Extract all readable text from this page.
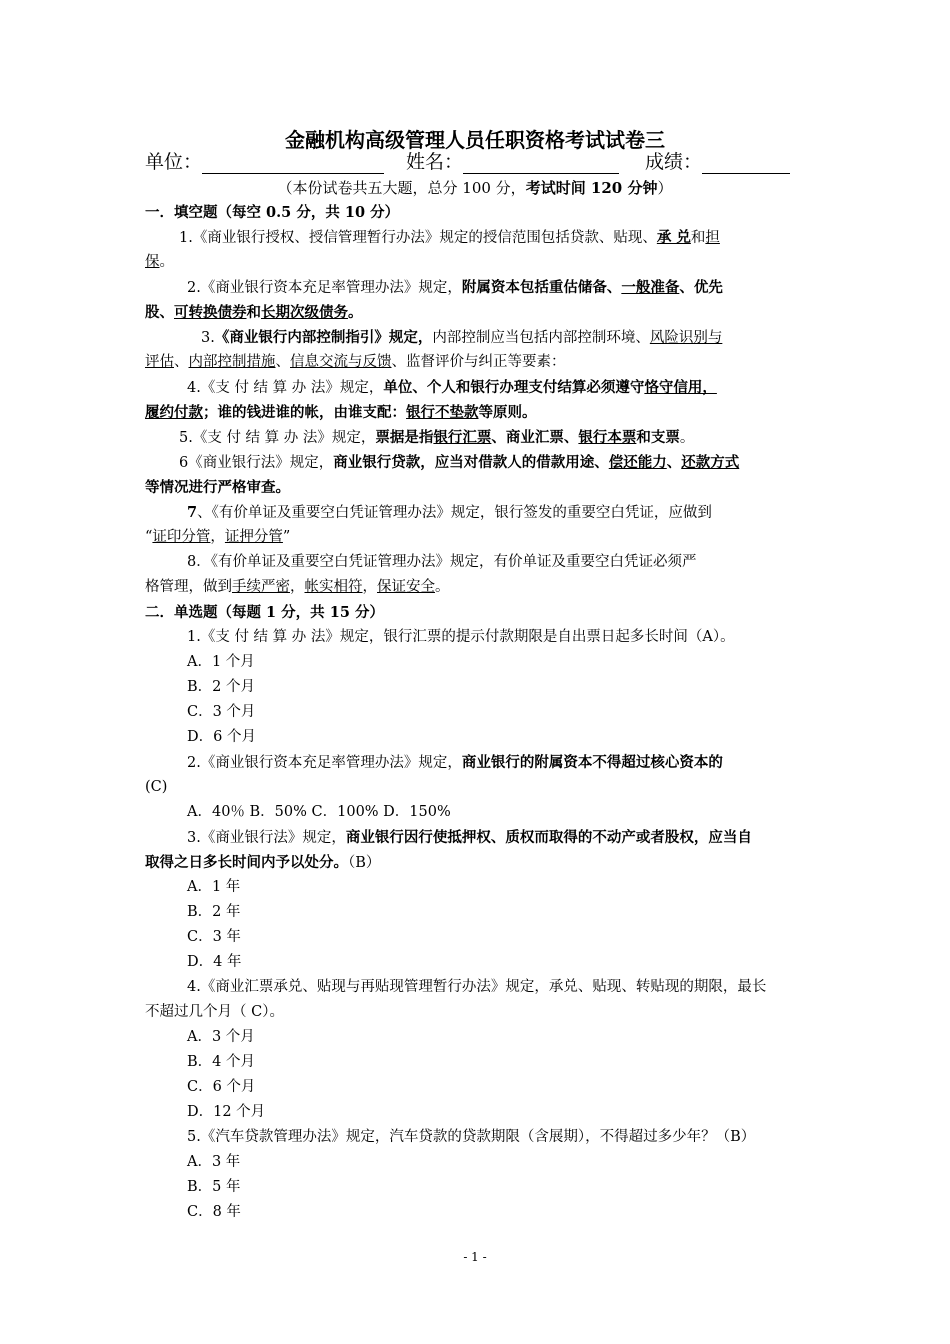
金融机构高级管理人员任职资格考试试卷三
单位：	姓名：	成绩：
（本份试卷共五大题，总分 100 分，考试时间 120 分钟）
一．填空题（每空 0.5 分，共 10 分）
1.《商业银行授权、授信管理暂行办法》规定的授信范围包括贷款、贴现、承 兑和担
保。
2.《商业银行资本充足率管理办法》规定，附属资本包括重估储备、一般准备、优先
股、可转换债券和长期次级债务。
3.《商业银行内部控制指引》规定，内部控制应当包括内部控制环境、风险识别与
评估、内部控制措施、信息交流与反馈、监督评价与纠正等要素：
4.《支 付 结 算 办 法》规定，单位、个人和银行办理支付结算必须遵守恪守信用，
履约付款；谁的钱进谁的帐，由谁支配：银行不垫款等原则。
5.《支 付 结 算 办 法》规定，票据是指银行汇票、商业汇票、银行本票和支票。
6《商业银行法》规定，商业银行贷款，应当对借款人的借款用途、偿还能力、还款方式
等情况进行严格审查。
7、《有价单证及重要空白凭证管理办法》规定，银行签发的重要空白凭证，应做到
“证印分管，证押分管”
8．《有价单证及重要空白凭证管理办法》规定，有价单证及重要空白凭证必须严
格管理，做到手续严密，帐实相符，保证安全。
二．单选题（每题 1 分，共 15 分）
1.《支 付 结 算 办 法》规定，银行汇票的提示付款期限是自出票日起多长时间（A）。
A．1 个月
B．2 个月
C．3 个月
D．6 个月
2.《商业银行资本充足率管理办法》规定，商业银行的附属资本不得超过核心资本的
(C)
A．40％ B．50% C．100% D．150%
3.《商业银行法》规定，商业银行因行使抵押权、质权而取得的不动产或者股权，应当自
取得之日多长时间内予以处分。（B）
A．1 年
B．2 年
C．3 年
D．4 年
4.《商业汇票承兑、贴现与再贴现管理暂行办法》规定，承兑、贴现、转贴现的期限，最长
不超过几个月（ C）。
A．3 个月
B．4 个月
C．6 个月
D．12 个月
5.《汽车贷款管理办法》规定，汽车贷款的贷款期限（含展期），不得超过多少年？（B）
A．3 年
B．5 年
C．8 年
- 1 -
